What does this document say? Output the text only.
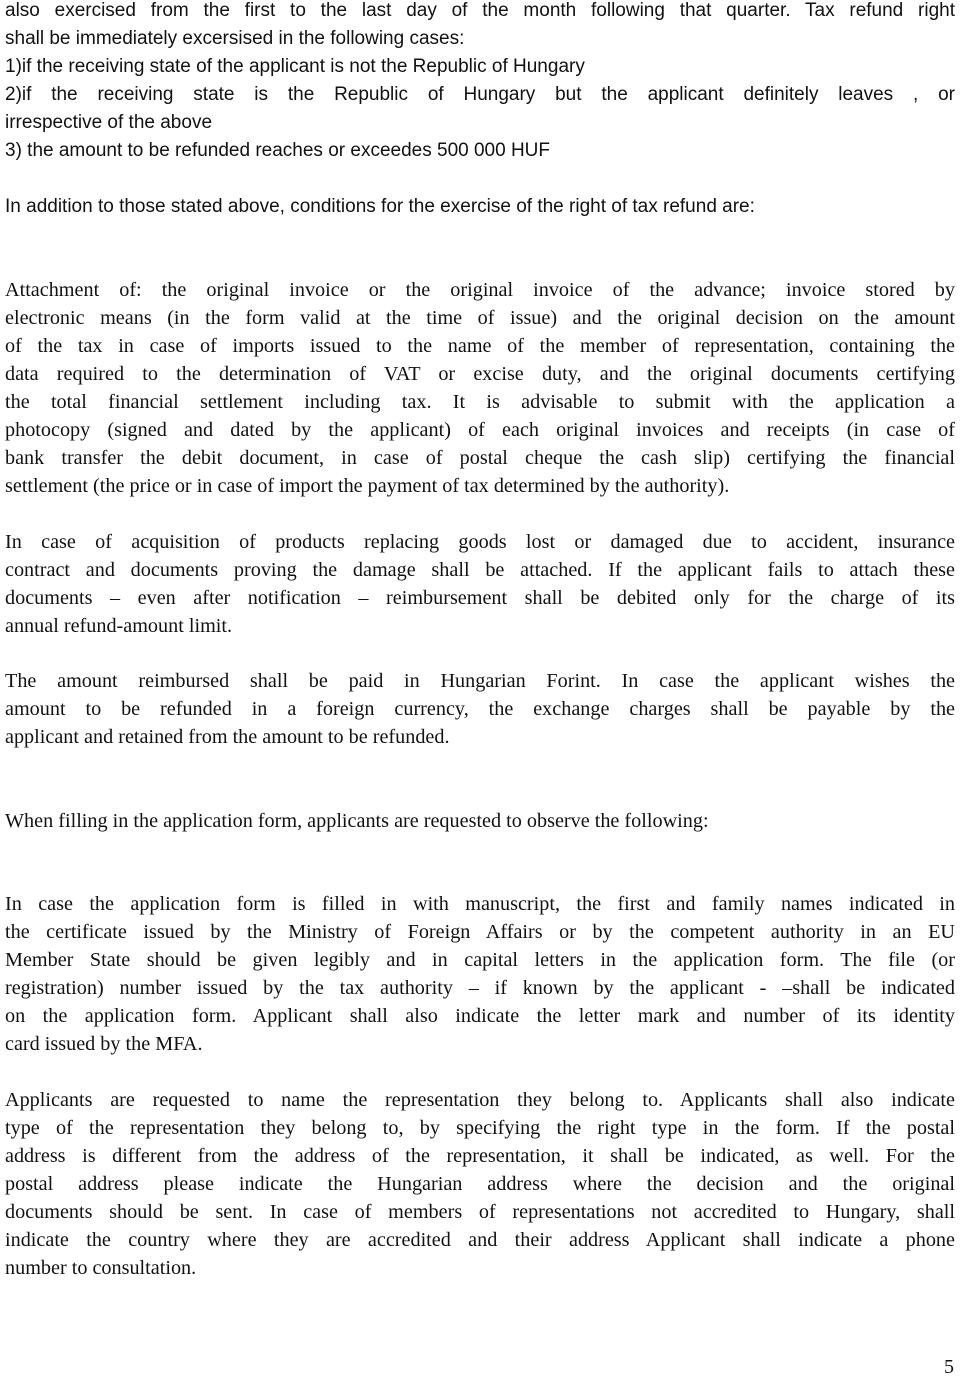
also exercised from the first to the last day of the month following that quarter. Tax refund right
shall be immediately excersised in the following cases:
1)if the receiving state of the applicant is not the Republic of Hungary
2)if the receiving state is the Republic of Hungary but the applicant definitely leaves , or
irrespective of the above
3) the amount to be refunded reaches or exceedes 500 000 HUF

In addition to those stated above, conditions for the exercise of the right of tax refund are:

Attachment of: the original invoice or the original invoice of the advance; invoice stored by
electronic means (in the form valid at the time of issue) and the original decision on the amount
of the tax in case of imports issued to the name of the member of representation, containing the
data required to the determination of VAT or excise duty, and the original documents certifying
the total financial settlement including tax. It is advisable to submit with the application a
photocopy (signed and dated by the applicant) of each original invoices and receipts (in case of
bank transfer the debit document, in case of postal cheque the cash slip) certifying the financial
settlement (the price or in case of import the payment of tax determined by the authority).
In case of acquisition of products replacing goods lost or damaged due to accident, insurance
contract and documents proving the damage shall be attached. If the applicant fails to attach these
documents – even after notification – reimbursement shall be debited only for the charge of its
annual refund-amount limit.
The amount reimbursed shall be paid in Hungarian Forint. In case the applicant wishes the
amount to be refunded in a foreign currency, the exchange charges shall be payable by the
applicant and retained from the amount to be refunded.

When filling in the application form, applicants are requested to observe the following:

In case the application form is filled in with manuscript, the first and family names indicated in
the certificate issued by the Ministry of Foreign Affairs or by the competent authority in an EU
Member State should be given legibly and in capital letters in the application form. The file (or
registration) number issued by the tax authority – if known by the applicant - –shall be indicated
on the application form. Applicant shall also indicate the letter mark and number of its identity
card issued by the MFA.
Applicants are requested to name the representation they belong to. Applicants shall also indicate
type of the representation they belong to, by specifying the right type in the form. If the postal
address is different from the address of the representation, it shall be indicated, as well. For the
postal address please indicate the Hungarian address where the decision and the original
documents should be sent. In case of members of representations not accredited to Hungary, shall
indicate the country where they are accredited and their address Applicant shall indicate a phone
number to consultation.
5
